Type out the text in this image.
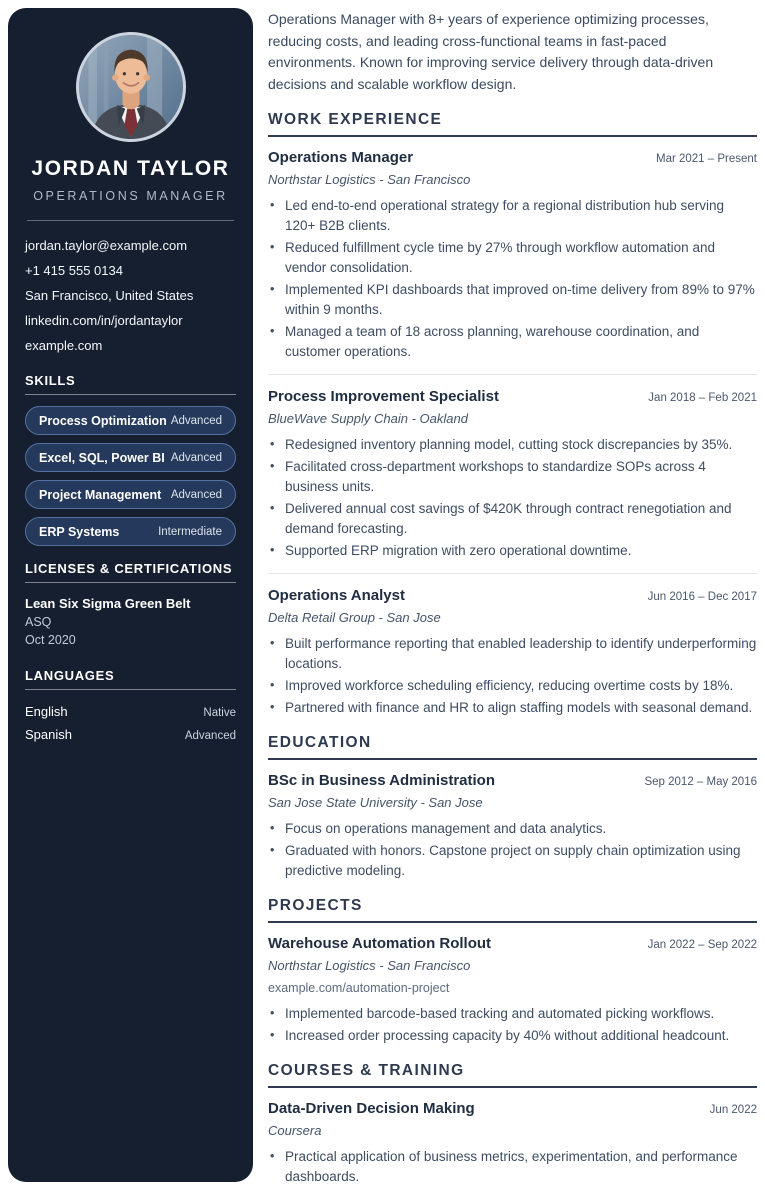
JORDAN TAYLOR
OPERATIONS MANAGER
jordan.taylor@example.com
+1 415 555 0134
San Francisco, United States
linkedin.com/in/jordantaylor
example.com
SKILLS
Process Optimization Advanced
Excel, SQL, Power BI Advanced
Project Management Advanced
ERP Systems	Intermediate
LICENSES & CERTIFICATIONS
Lean Six Sigma Green Belt
ASQ
Oct 2020
LANGUAGES
English	Native
Spanish	Advanced

Operations Manager with 8+ years of experience optimizing processes, reducing costs, and leading cross-functional teams in fast-paced environments. Known for improving service delivery through data-driven decisions and scalable workflow design.

WORK EXPERIENCE
Operations Manager	Mar 2021 – Present
Northstar Logistics - San Francisco
• Led end-to-end operational strategy for a regional distribution hub serving 120+ B2B clients.
• Reduced fulfillment cycle time by 27% through workflow automation and vendor consolidation.
• Implemented KPI dashboards that improved on-time delivery from 89% to 97% within 9 months.
• Managed a team of 18 across planning, warehouse coordination, and customer operations.
Process Improvement Specialist	Jan 2018 – Feb 2021
BlueWave Supply Chain - Oakland
• Redesigned inventory planning model, cutting stock discrepancies by 35%.
• Facilitated cross-department workshops to standardize SOPs across 4 business units.
• Delivered annual cost savings of $420K through contract renegotiation and demand forecasting.
• Supported ERP migration with zero operational downtime.
Operations Analyst	Jun 2016 – Dec 2017
Delta Retail Group - San Jose
• Built performance reporting that enabled leadership to identify underperforming locations.
• Improved workforce scheduling efficiency, reducing overtime costs by 18%.
• Partnered with finance and HR to align staffing models with seasonal demand.
EDUCATION
BSc in Business Administration	Sep 2012 – May 2016
San Jose State University - San Jose
• Focus on operations management and data analytics.
• Graduated with honors. Capstone project on supply chain optimization using predictive modeling.
PROJECTS
Warehouse Automation Rollout	Jan 2022 – Sep 2022
Northstar Logistics - San Francisco
example.com/automation-project
• Implemented barcode-based tracking and automated picking workflows.
• Increased order processing capacity by 40% without additional headcount.
COURSES & TRAINING
Data-Driven Decision Making	Jun 2022
Coursera
• Practical application of business metrics, experimentation, and performance dashboards.
